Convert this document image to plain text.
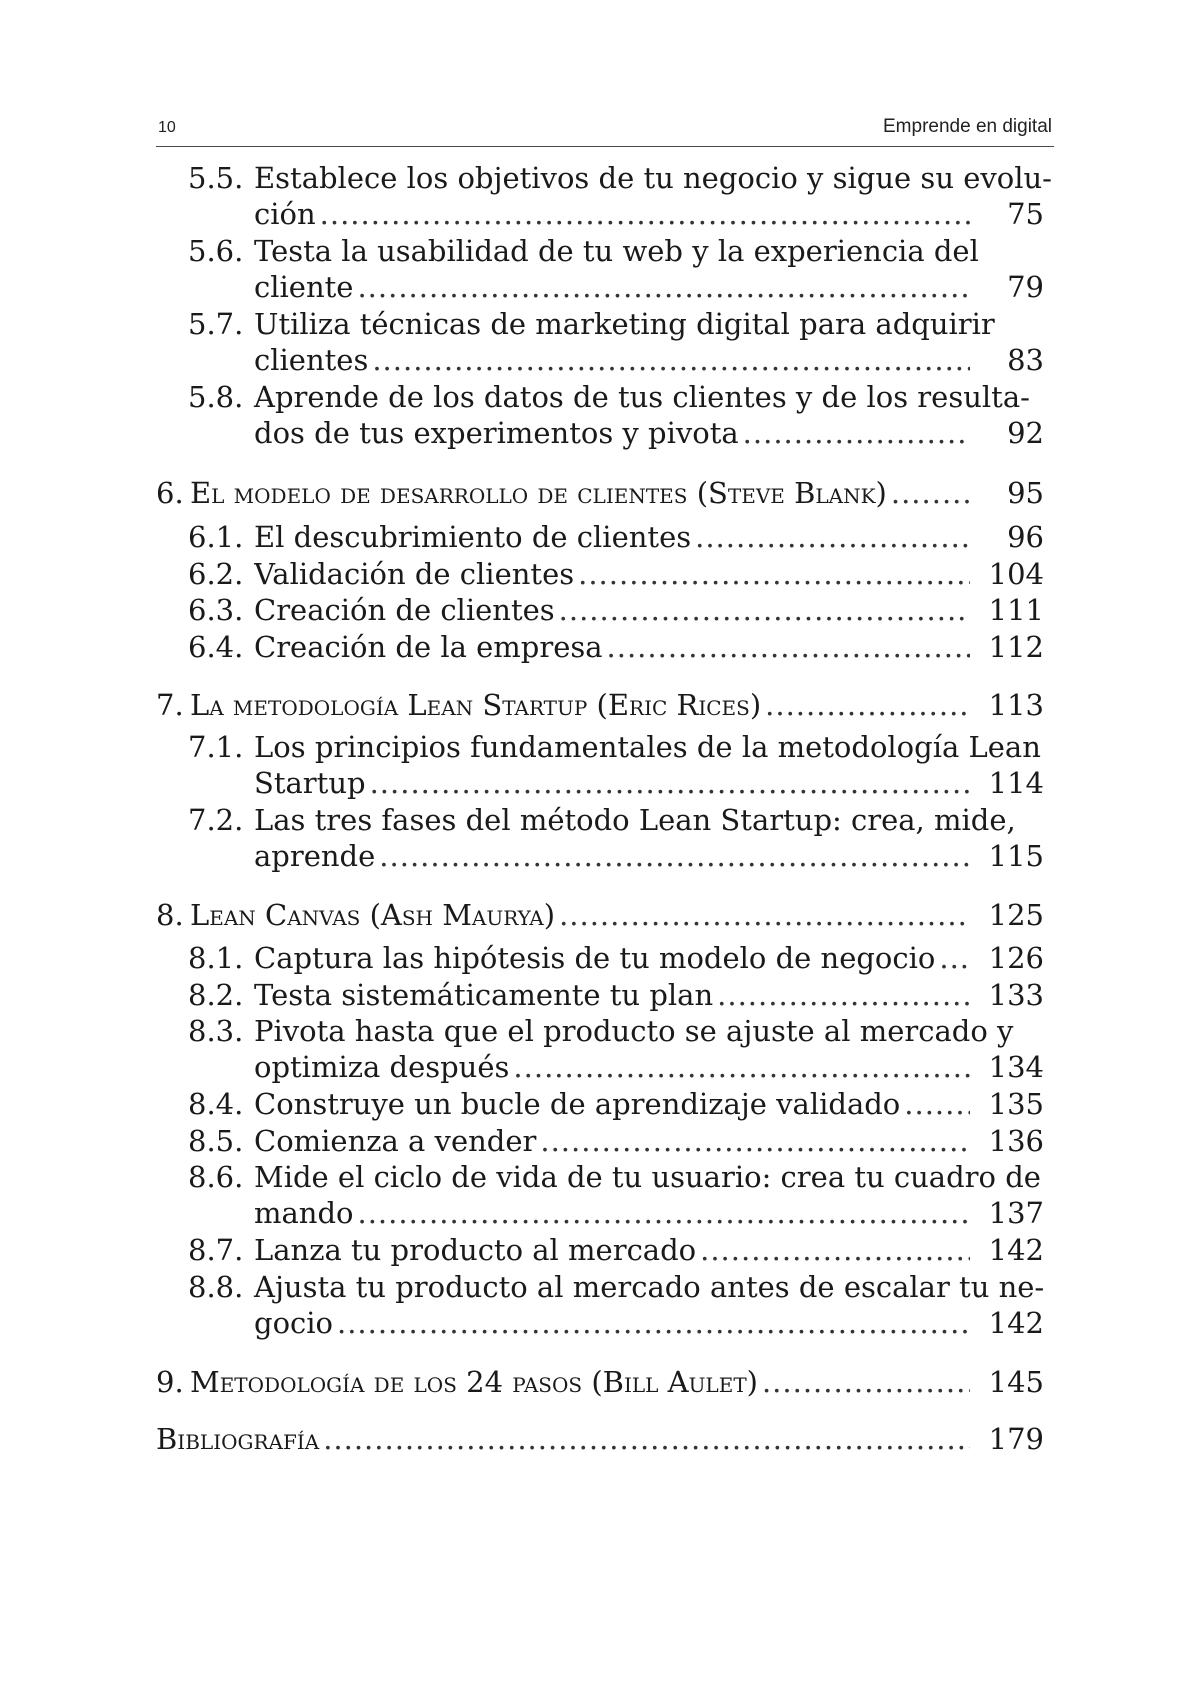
10	Emprende en digital
5.5. Establece los objetivos de tu negocio y sigue su evolu-
ción .....	75
5.6. Testa la usabilidad de tu web y la experiencia del
cliente .....	79
5.7. Utiliza técnicas de marketing digital para adquirir
clientes .....	83
5.8. Aprende de los datos de tus clientes y de los resulta-
dos de tus experimentos y pivota .....	92
6. El modelo de desarrollo de clientes (Steve Blank) .....	95
6.1. El descubrimiento de clientes .....	96
6.2. Validación de clientes .....	104
6.3. Creación de clientes .....	111
6.4. Creación de la empresa .....	112
7. La metodología Lean Startup (Eric Rices) .....	113
7.1. Los principios fundamentales de la metodología Lean
Startup .....	114
7.2. Las tres fases del método Lean Startup: crea, mide,
aprende .....	115
8. Lean Canvas (Ash Maurya) .....	125
8.1. Captura las hipótesis de tu modelo de negocio ..... 126
8.2. Testa sistemáticamente tu plan .....	133
8.3. Pivota hasta que el producto se ajuste al mercado y
optimiza después .....	134
8.4. Construye un bucle de aprendizaje validado .....	135
8.5. Comienza a vender .....	136
8.6. Mide el ciclo de vida de tu usuario: crea tu cuadro de
mando .....	137
8.7. Lanza tu producto al mercado .....	142
8.8. Ajusta tu producto al mercado antes de escalar tu ne-
gocio .....	142
9. Metodología de los 24 pasos (Bill Aulet) .....	145
Bibliografía .....	179
